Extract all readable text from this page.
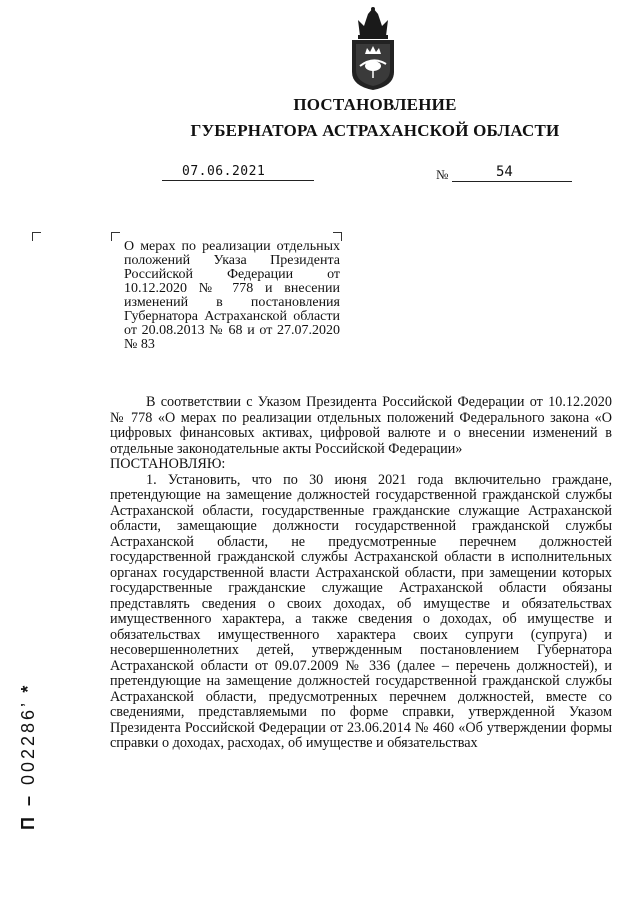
ПОСТАНОВЛЕНИЕ
ГУБЕРНАТОРА АСТРАХАНСКОЙ ОБЛАСТИ
07.06.2021	№	54
О мерах по реализации отдельных положений Указа Президента Российской Федерации от 10.12.2020 № 778 и внесении изменений в постановления Губернатора Астраханской области от 20.08.2013 № 68 и от 27.07.2020 № 83

В соответствии с Указом Президента Российской Федерации от 10.12.2020 № 778 «О мерах по реализации отдельных положений Федерального закона «О цифровых финансовых активах, цифровой валюте и о внесении изменений в отдельные законодательные акты Российской Федерации»

ПОСТАНОВЛЯЮ:

1. Установить, что по 30 июня 2021 года включительно граждане, претендующие на замещение должностей государственной гражданской службы Астраханской области, государственные гражданские служащие Астраханской области, замещающие должности государственной гражданской службы Астраханской области, не предусмотренные перечнем должностей государственной гражданской службы Астраханской области в исполнительных органах государственной власти Астраханской области, при замещении которых государственные гражданские служащие Астраханской области обязаны представлять сведения о своих доходах, об имуществе и обязательствах имущественного характера, а также сведения о доходах, об имуществе и обязательствах имущественного характера своих супруги (супруга) и несовершеннолетних детей, утвержденным постановлением Губернатора Астраханской области от 09.07.2009 № 336 (далее – перечень должностей), и претендующие на замещение должностей государственной гражданской службы Астраханской области, предусмотренных перечнем должностей, вместе со сведениями, представляемыми по форме справки, утвержденной Указом Президента Российской Федерации от 23.06.2014 № 460 «Об утверждении формы справки о доходах, расходах, об имуществе и обязательствах

П – 002286’ *
